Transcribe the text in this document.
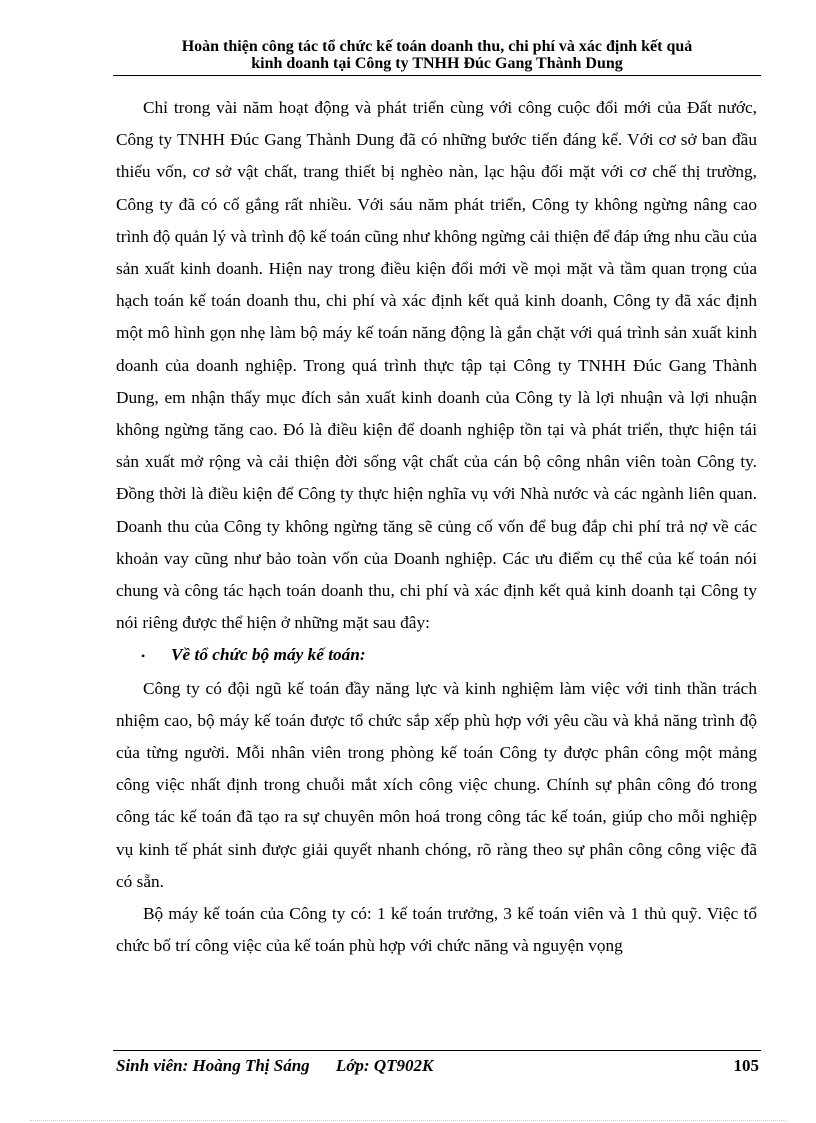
Hoàn thiện công tác tổ chức kế toán doanh thu, chi phí và xác định kết quả
kinh doanh tại Công ty TNHH Đúc Gang Thành Dung

Chỉ trong vài năm hoạt động và phát triển cùng với công cuộc đổi mới của Đất nước, Công ty TNHH Đúc Gang Thành Dung đã có những bước tiến đáng kể. Với cơ sở ban đầu thiếu vốn, cơ sở vật chất, trang thiết bị nghèo nàn, lạc hậu đối mặt với cơ chế thị trường, Công ty đã có cố gắng rất nhiều. Với sáu năm phát triển, Công ty không ngừng nâng cao trình độ quản lý và trình độ kế toán cũng như không ngừng cải thiện để đáp ứng nhu cầu của sản xuất kinh doanh. Hiện nay trong điều kiện đổi mới về mọi mặt và tầm quan trọng của hạch toán kế toán doanh thu, chi phí và xác định kết quả kinh doanh, Công ty đã xác định một mô hình gọn nhẹ làm bộ máy kế toán năng động là gắn chặt với quá trình sản xuất kinh doanh của doanh nghiệp. Trong quá trình thực tập tại Công ty TNHH Đúc Gang Thành Dung, em nhận thấy mục đích sản xuất kinh doanh của Công ty là lợi nhuận và lợi nhuận không ngừng tăng cao. Đó là điều kiện để doanh nghiệp tồn tại và phát triển, thực hiện tái sản xuất mở rộng và cải thiện đời sống vật chất của cán bộ công nhân viên toàn Công ty. Đồng thời là điều kiện để Công ty thực hiện nghĩa vụ với Nhà nước và các ngành liên quan. Doanh thu của Công ty không ngừng tăng sẽ củng cố vốn để bug đắp chi phí trả nợ về các khoản vay cũng như bảo toàn vốn của Doanh nghiệp. Các ưu điểm cụ thể của kế toán nói chung và công tác hạch toán doanh thu, chi phí và xác định kết quả kinh doanh tại Công ty nói riêng được thể hiện ở những mặt sau đây:

•	Về tổ chức bộ máy kế toán:

Công ty có đội ngũ kế toán đầy năng lực và kinh nghiệm làm việc với tinh thần trách nhiệm cao, bộ máy kế toán được tổ chức sắp xếp phù hợp với yêu cầu và khả năng trình độ của từng người. Mỗi nhân viên trong phòng kế toán Công ty được phân công một mảng công việc nhất định trong chuỗi mắt xích công việc chung. Chính sự phân công đó trong công tác kế toán đã tạo ra sự chuyên môn hoá trong công tác kế toán, giúp cho mỗi nghiệp vụ kinh tế phát sinh được giải quyết nhanh chóng, rõ ràng theo sự phân công công việc đã có sẵn.

Bộ máy kế toán của Công ty có: 1 kế toán trưởng, 3 kế toán viên và 1 thủ quỹ. Việc tổ chức bố trí công việc của kế toán phù hợp với chức năng và nguyện vọng

Sinh viên: Hoàng Thị Sáng Lớp: QT902K	105
